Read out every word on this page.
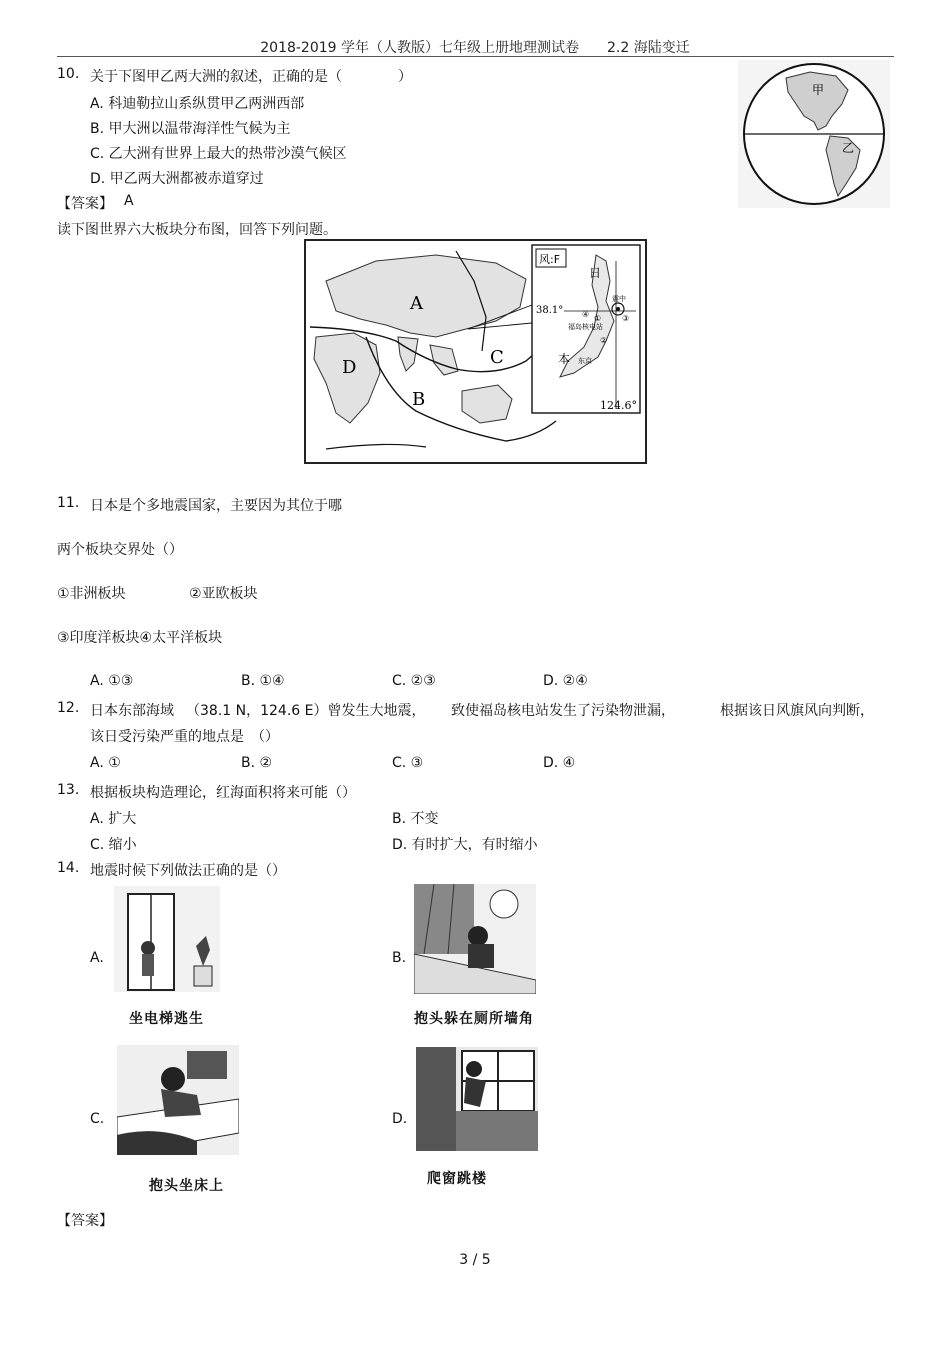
2018-2019 学年（人教版）七年级上册地理测试卷　　2.2 海陆变迁
10. 关于下图甲乙两大洲的叙述，正确的是（　　　　）
A. 科迪勒拉山系纵贯甲乙两洲西部
B. 甲大洲以温带海洋性气候为主
C. 乙大洲有世界上最大的热带沙漠气候区
D. 甲乙两大洲都被赤道穿过
【答案】 A
甲
乙
读下图世界六大板块分布图，回答下列问题。
A
B
C
D
风:F
日
本
38.1°
124.6°
震中
福岛核电站
东京
①
②
③
④
11. 日本是个多地震国家，主要因为其位于哪
两个板块交界处（）
①非洲板块	②亚欧板块
③印度洋板块④太平洋板块
A. ①③	B. ①④	C. ②③	D. ②④
12. 日本东部海域 （38.1 N，124.6 E）曾发生大地震， 致使福岛核电站发生了污染物泄漏，	根据该日风旗风向判断，
该日受污染严重的地点是　（）
A. ①	B. ②	C. ③	D. ④
13. 根据板块构造理论，红海面积将来可能（）
A. 扩大	B. 不变
C. 缩小	D. 有时扩大，有时缩小
14. 地震时候下列做法正确的是（）
A.
坐电梯逃生
B.
抱头躲在厕所墙角
C.
抱头坐床上
D.
爬窗跳楼
【答案】
3 / 5
